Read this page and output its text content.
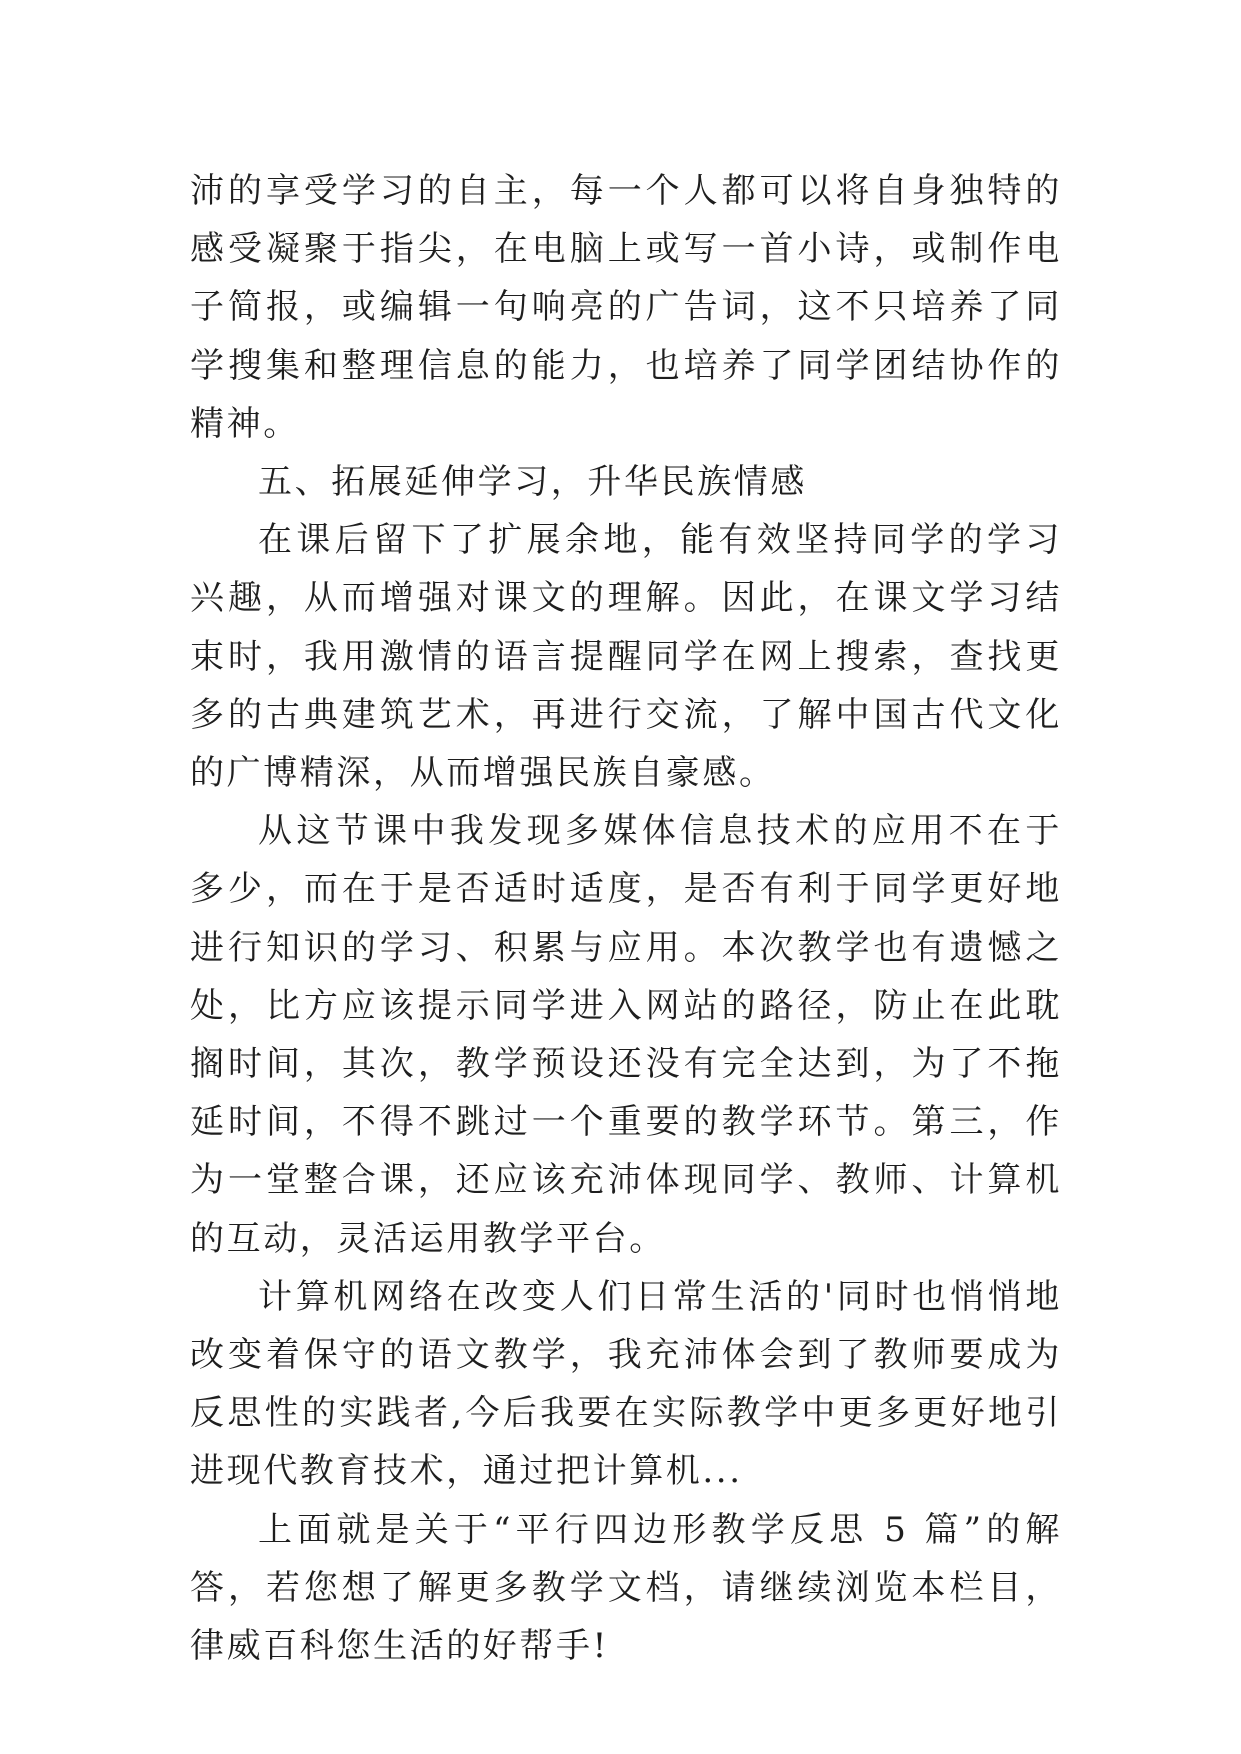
沛的享受学习的自主，每一个人都可以将自身独特的感受凝聚于指尖，在电脑上或写一首小诗，或制作电子简报，或编辑一句响亮的广告词，这不只培养了同学搜集和整理信息的能力，也培养了同学团结协作的精神。

五、拓展延伸学习，升华民族情感

在课后留下了扩展余地，能有效坚持同学的学习兴趣，从而增强对课文的理解。因此，在课文学习结束时，我用激情的语言提醒同学在网上搜索，查找更多的古典建筑艺术，再进行交流，了解中国古代文化的广博精深，从而增强民族自豪感。

从这节课中我发现多媒体信息技术的应用不在于多少，而在于是否适时适度，是否有利于同学更好地进行知识的学习、积累与应用。本次教学也有遗憾之处，比方应该提示同学进入网站的路径，防止在此耽搁时间，其次，教学预设还没有完全达到，为了不拖延时间，不得不跳过一个重要的教学环节。第三，作为一堂整合课，还应该充沛体现同学、教师、计算机的互动，灵活运用教学平台。

计算机网络在改变人们日常生活的'同时也悄悄地改变着保守的语文教学，我充沛体会到了教师要成为反思性的实践者,今后我要在实际教学中更多更好地引进现代教育技术，通过把计算机...

上面就是关于“平行四边形教学反思 5 篇”的解答，若您想了解更多教学文档，请继续浏览本栏目，律威百科您生活的好帮手!
